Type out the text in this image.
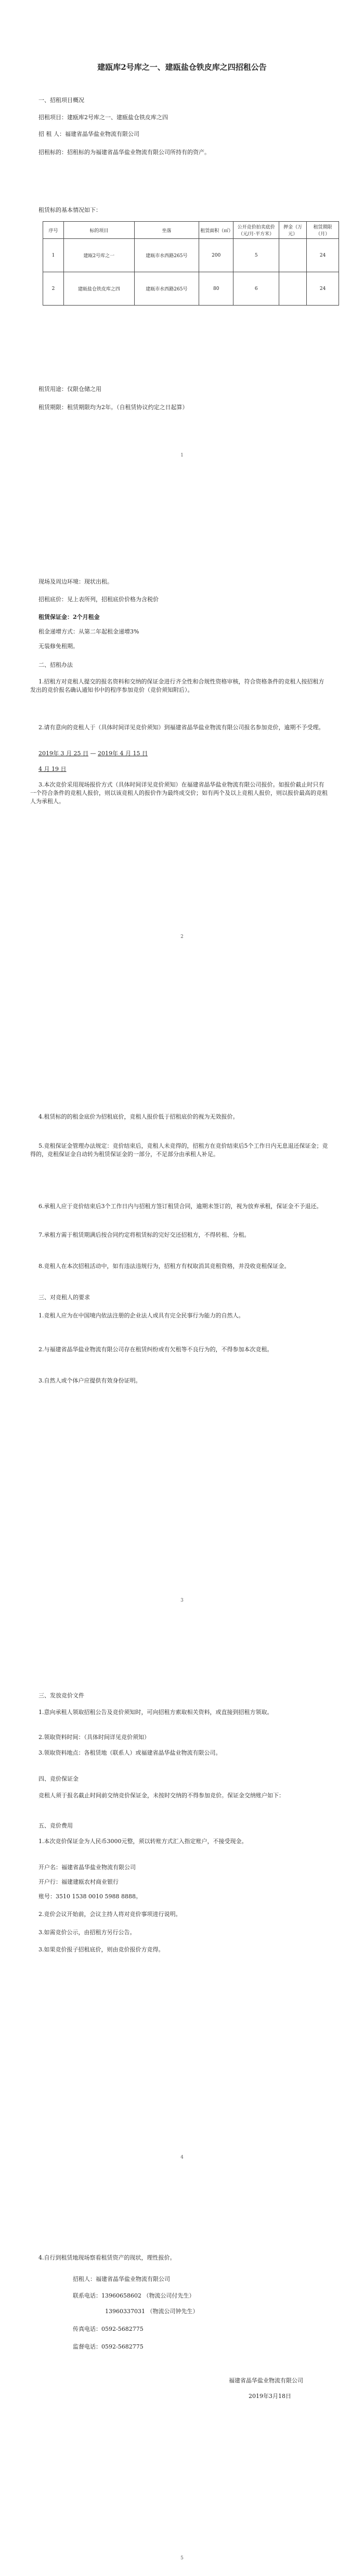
建瓯库2号库之一、建瓯盐仓铁皮库之四招租公告
一、招租项目概况
招租项目：建瓯库2号库之一、建瓯盐仓铁皮库之四
招 租 人：福建省晶华盐业物流有限公司
招租标的：招租标的为福建省晶华盐业物流有限公司所持有的资产。
租赁标的基本情况如下：
序号	标的项目	坐落	租赁面积（㎡）	公开竞价拍卖底价（元/月·平方米）	押金（万元）	租赁期限（月）
1	建瓯2号库之一	建瓯市水西路265号	200	5		24
2	建瓯盐仓铁皮库之四	建瓯市水西路265号	80	6		24
租赁用途：仅限仓储之用
租赁期限：租赁期限均为2年。（自租赁协议约定之日起算）
1
现场及周边环境：现状出租。
招租底价：见上表所列，招租底价价格为含税价
租赁保证金：2个月租金
租金递增方式：从第二年起租金递增3%
无装修免租期。
二、招租办法
1.招租方对竞租人提交的报名资料和交纳的保证金进行齐全性和合规性资格审核，符合资格条件的竞租人按招租方发出的竞价报名确认通知书中的程序参加竞价（竞价须知附后）。
2.请有意向的竞租人于（具体时间详见竞价须知）到福建省晶华盐业物流有限公司报名参加竞价，逾期不予受理。
2019年 3 月 25 日 — 2019年 4 月 15 日
4 月 19 日
3.本次竞价采用现场报价方式（具体时间详见竞价须知）在福建省晶华盐业物流有限公司报价。如报价截止时只有一个符合条件的竞租人报价，则以该竞租人的报价作为最终成交价；如有两个及以上竞租人报价，则以报价最高的竞租人为承租人。
2
4.租赁标的的租金底价为招租底价，竞租人报价低于招租底价的视为无效报价。
5.竞租保证金管理办法规定：竞价结束后，竞租人未竞得的，招租方在竞价结束后5个工作日内无息退还保证金；竞得的，竞租保证金自动转为租赁保证金的一部分，不足部分由承租人补足。
6.承租人应于竞价结束后3个工作日内与招租方签订租赁合同，逾期未签订的，视为放弃承租，保证金不予退还。
7.承租方需于租赁期满后按合同约定将租赁标的完好交还招租方，不得转租、分租。
8.竞租人在本次招租活动中，如有违法违规行为，招租方有权取消其竞租资格，并没收竞租保证金。
三、对竞租人的要求
1.竞租人应为在中国境内依法注册的企业法人或具有完全民事行为能力的自然人。
2.与福建省晶华盐业物流有限公司存在租赁纠纷或有欠租等不良行为的，不得参加本次竞租。
3.自然人或个体户应提供有效身份证明。
3
三、发放竞价文件
1.意向承租人领取招租公告及竞价须知时，可向招租方索取相关资料，或直接到招租方领取。
2.领取资料时间：（具体时间详见竞价须知）
3.领取资料地点：各租赁地（联系人）或福建省晶华盐业物流有限公司。
四、竞价保证金
竞租人须于报名截止时间前交纳竞价保证金，未按时交纳的不得参加竞价。保证金交纳账户如下：
五、竞价费用
1.本次竞价保证金为人民币3000元整，须以转账方式汇入指定账户，不接受现金。
开户名：福建省晶华盐业物流有限公司
开户行：福建建瓯农村商业银行
账号：3510 1538 0010 5988 8888。
2.竞价会议开始前，会议主持人将对竞价事项进行说明。
3.如需竞价公示，由招租方另行公告。
3.如果竞价报子招租底价，则由竞价报价方竞得。
4
4.自行到租赁地现场察看租赁资产的现状，理性报价。
招租人：福建省晶华盐业物流有限公司
联系电话：13960658602 （物流公司付先生）
13960337031 （物流公司钟先生）
传真电话：0592-5682775
监督电话：0592-5682775
福建省晶华盐业物流有限公司
2019年3月18日
5
